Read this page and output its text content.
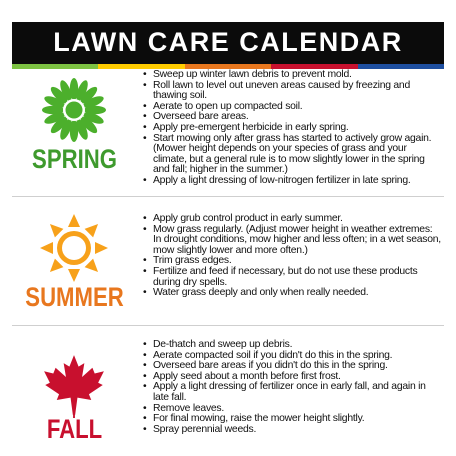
LAWN CARE CALENDAR
SPRING
• Sweep up winter lawn debris to prevent mold.
• Roll lawn to level out uneven areas caused by freezing and thawing soil.
• Aerate to open up compacted soil.
• Overseed bare areas.
• Apply pre-emergent herbicide in early spring.
• Start mowing only after grass has started to actively grow again. (Mower height depends on your species of grass and your climate, but a general rule is to mow slightly lower in the spring and fall; higher in the summer.)
• Apply a light dressing of low-nitrogen fertilizer in late spring.
SUMMER
• Apply grub control product in early summer.
• Mow grass regularly. (Adjust mower height in weather extremes: In drought conditions, mow higher and less often; in a wet season, mow slightly lower and more often.)
• Trim grass edges.
• Fertilize and feed if necessary, but do not use these products during dry spells.
• Water grass deeply and only when really needed.
FALL
• De-thatch and sweep up debris.
• Aerate compacted soil if you didn't do this in the spring.
• Overseed bare areas if you didn't do this in the spring.
• Apply seed about a month before first frost.
• Apply a light dressing of fertilizer once in early fall, and again in late fall.
• Remove leaves.
• For final mowing, raise the mower height slightly.
• Spray perennial weeds.
